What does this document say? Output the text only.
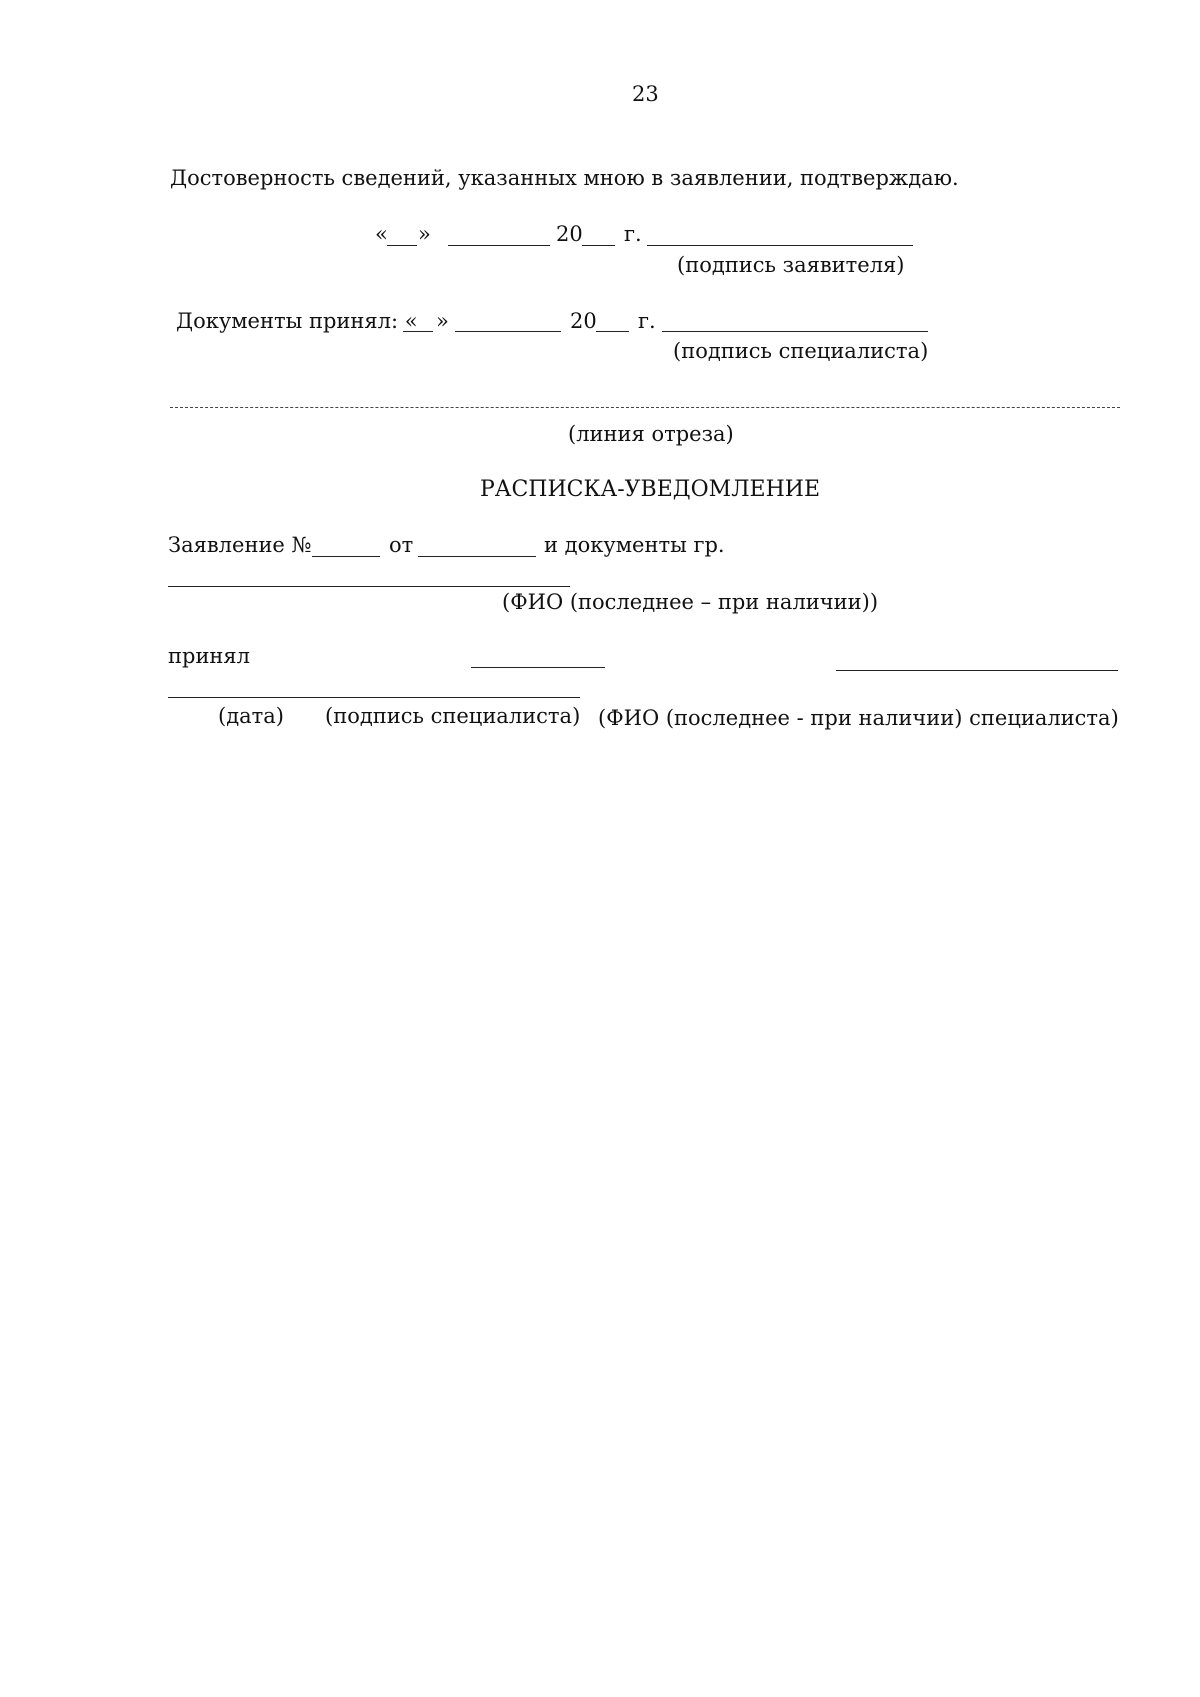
23
Достоверность сведений, указанных мною в заявлении, подтверждаю.
« »	20 г.
(подпись заявителя)
Документы принял: « »	20 г.
(подпись специалиста)
(линия отреза)
РАСПИСКА-УВЕДОМЛЕНИЕ
Заявление №	от	и документы гр.
(ФИО (последнее – при наличии))
принял
(дата) (подпись специалиста) (ФИО (последнее - при наличии) специалиста)
